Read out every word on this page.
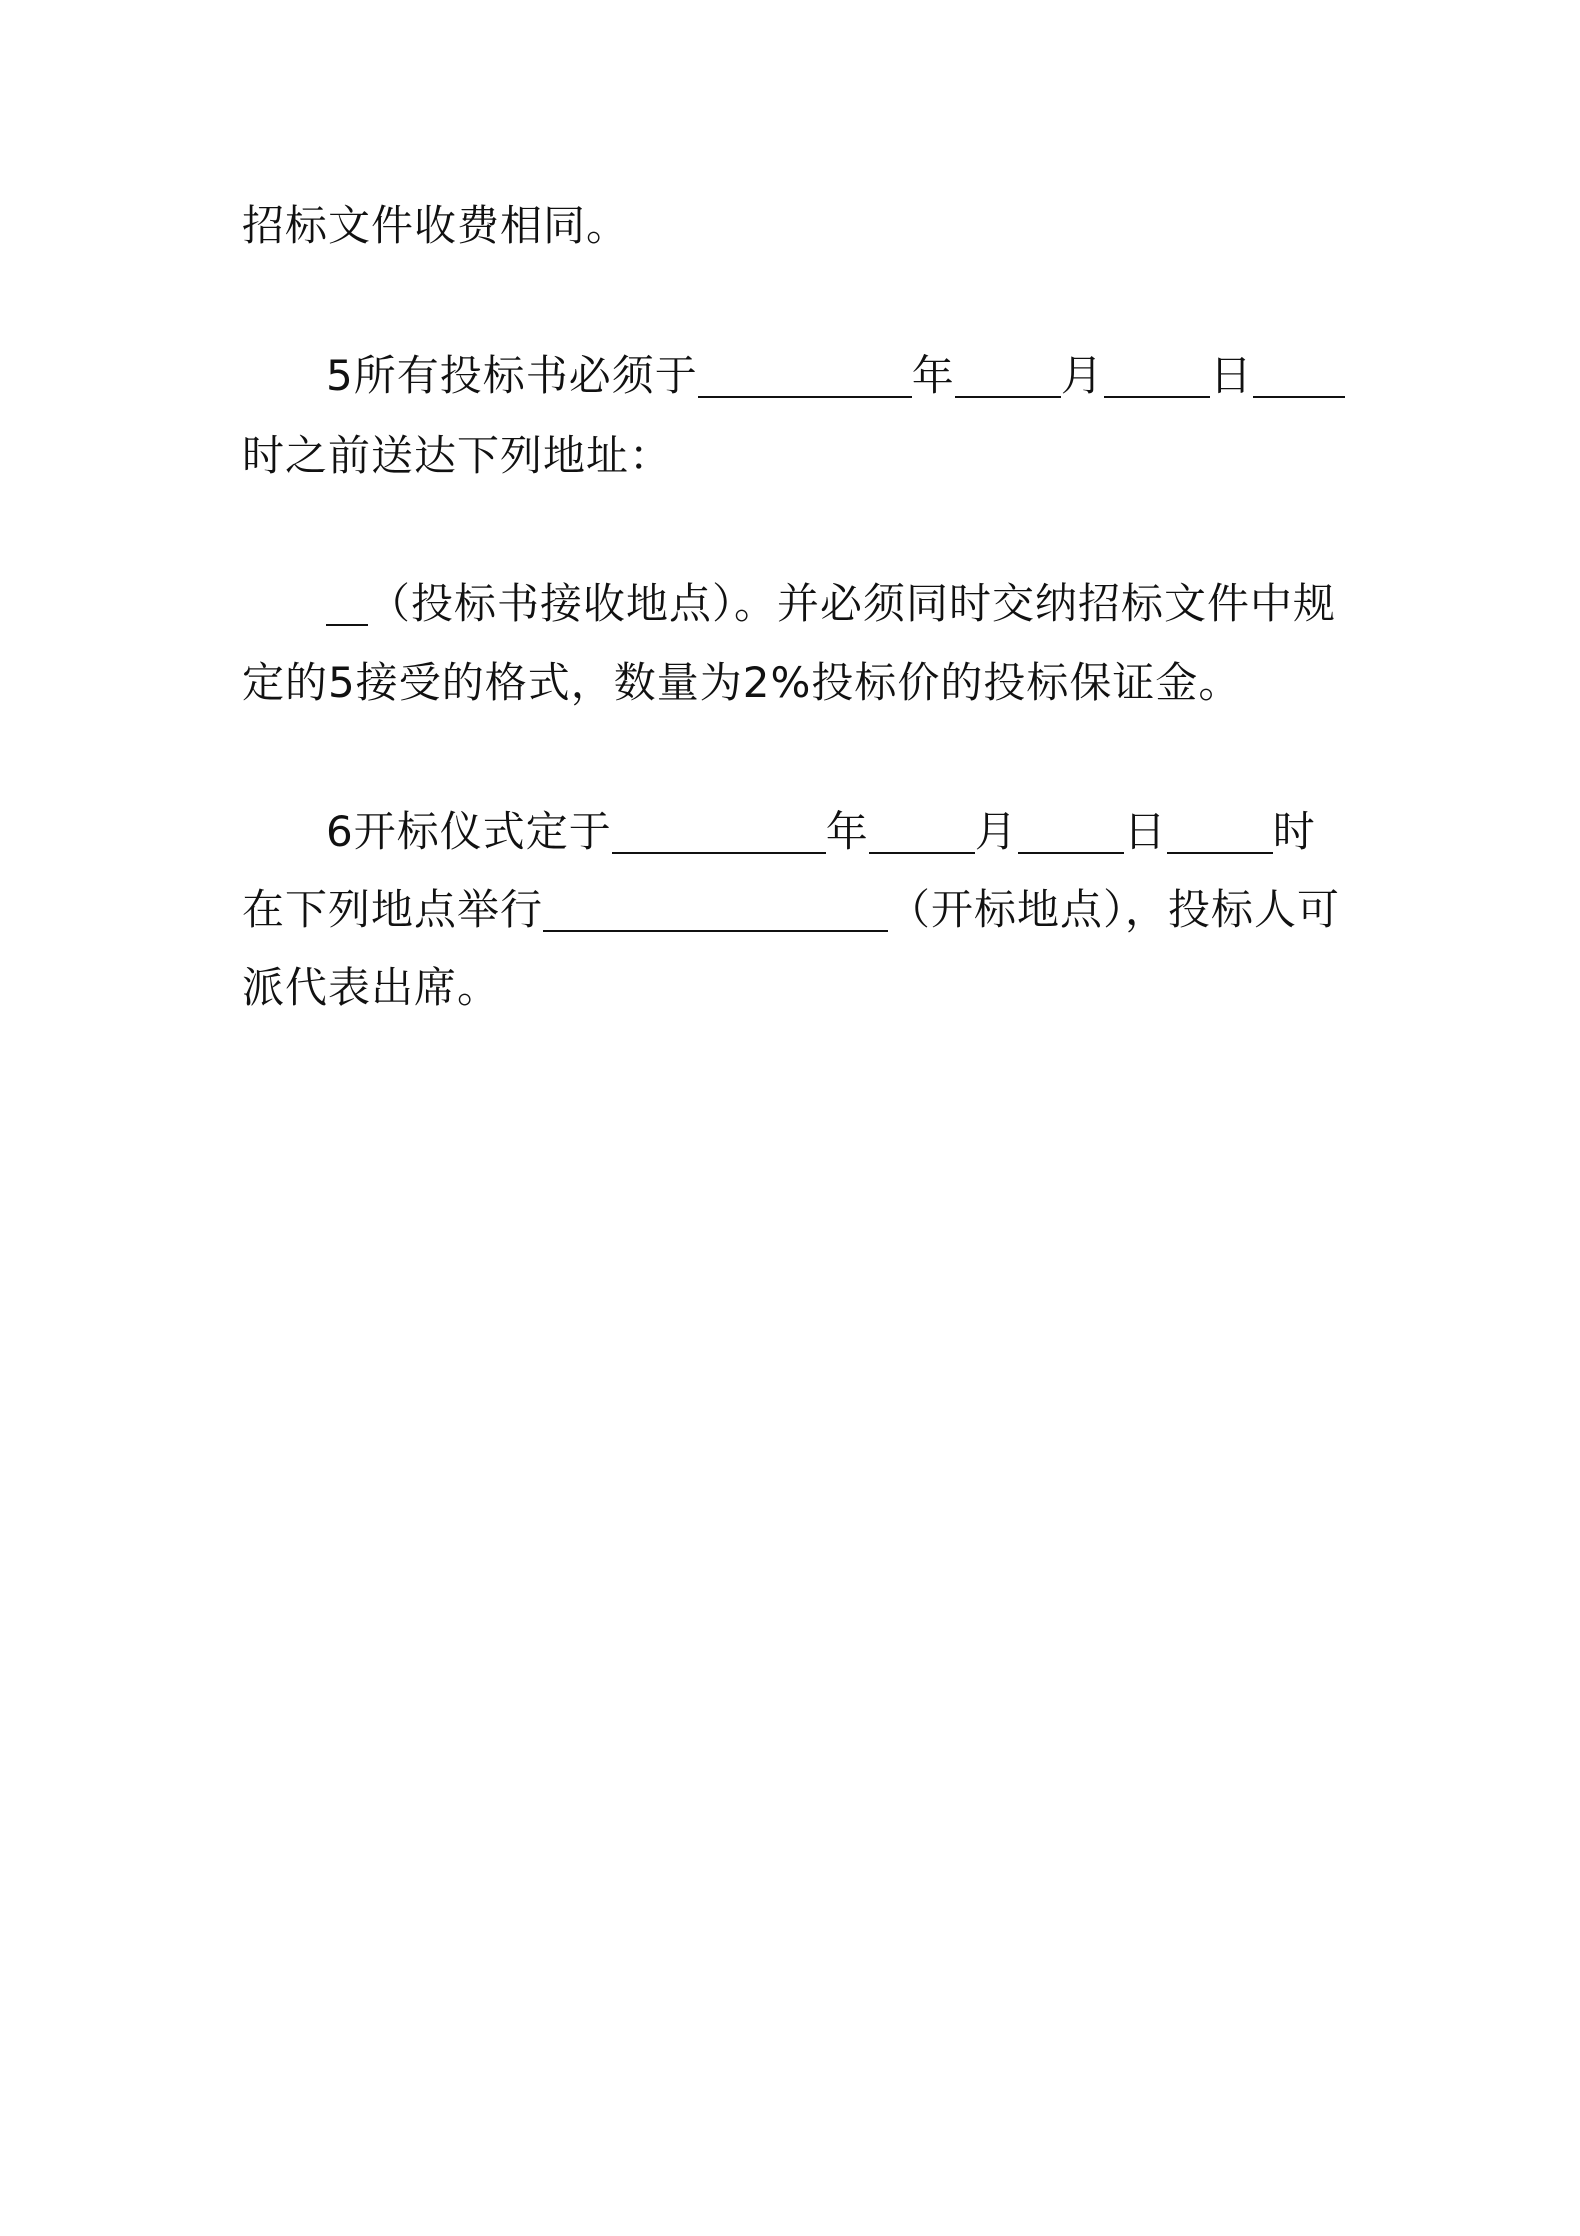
招标文件收费相同。
5所有投标书必须于	年	月	日
时之前送达下列地址：
（投标书接收地点）。并必须同时交纳招标文件中规
定的5接受的格式，数量为2%投标价的投标保证金。
6开标仪式定于	年	月	日	时
在下列地点举行	（开标地点），投标人可
派代表出席。
